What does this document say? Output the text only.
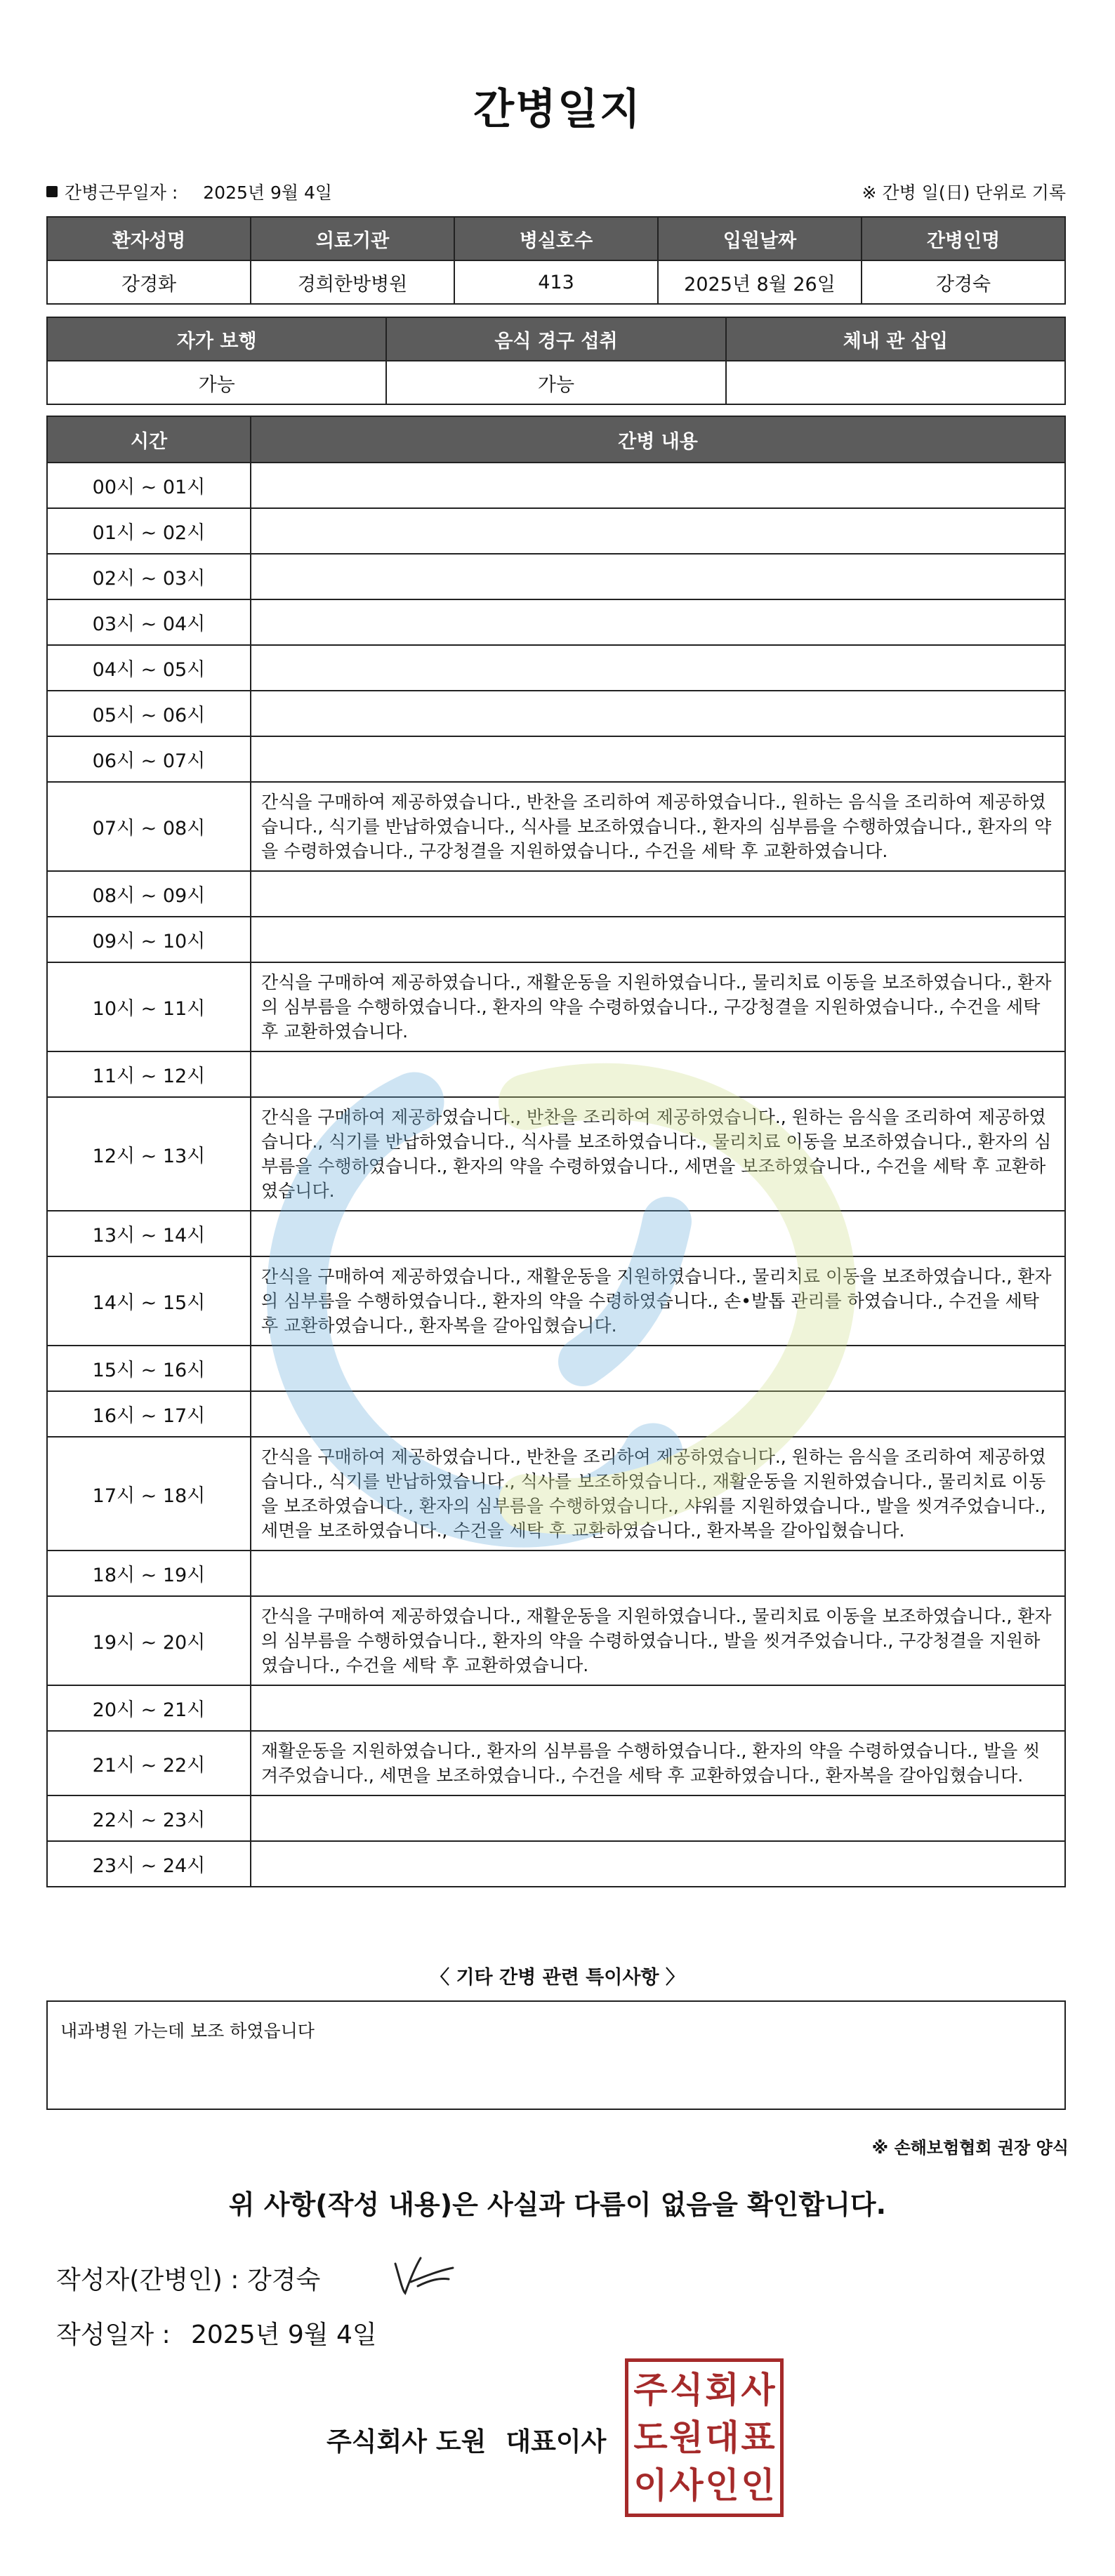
간병일지
간병근무일자 : 2025년 9월 4일	※ 간병 일(日) 단위로 기록
환자성명	의료기관	병실호수	입원날짜	간병인명
강경화	경희한방병원	413	2025년 8월 26일	강경숙
자가 보행	음식 경구 섭취	체내 관 삽입
가능	가능	
시간	간병 내용
00시 ~ 01시	
01시 ~ 02시	
02시 ~ 03시	
03시 ~ 04시	
04시 ~ 05시	
05시 ~ 06시	
06시 ~ 07시	
07시 ~ 08시	간식을 구매하여 제공하였습니다., 반찬을 조리하여 제공하였습니다., 원하는 음식을 조리하여 제공하였습니다., 식기를 반납하였습니다., 식사를 보조하였습니다., 환자의 심부름을 수행하였습니다., 환자의 약을 수령하였습니다., 구강청결을 지원하였습니다., 수건을 세탁 후 교환하였습니다.
08시 ~ 09시	
09시 ~ 10시	
10시 ~ 11시	간식을 구매하여 제공하였습니다., 재활운동을 지원하였습니다., 물리치료 이동을 보조하였습니다., 환자의 심부름을 수행하였습니다., 환자의 약을 수령하였습니다., 구강청결을 지원하였습니다., 수건을 세탁 후 교환하였습니다.
11시 ~ 12시	
12시 ~ 13시	간식을 구매하여 제공하였습니다., 반찬을 조리하여 제공하였습니다., 원하는 음식을 조리하여 제공하였습니다., 식기를 반납하였습니다., 식사를 보조하였습니다., 물리치료 이동을 보조하였습니다., 환자의 심부름을 수행하였습니다., 환자의 약을 수령하였습니다., 세면을 보조하였습니다., 수건을 세탁 후 교환하였습니다.
13시 ~ 14시	
14시 ~ 15시	간식을 구매하여 제공하였습니다., 재활운동을 지원하였습니다., 물리치료 이동을 보조하였습니다., 환자의 심부름을 수행하였습니다., 환자의 약을 수령하였습니다., 손•발톱 관리를 하였습니다., 수건을 세탁 후 교환하였습니다., 환자복을 갈아입혔습니다.
15시 ~ 16시	
16시 ~ 17시	
17시 ~ 18시	간식을 구매하여 제공하였습니다., 반찬을 조리하여 제공하였습니다., 원하는 음식을 조리하여 제공하였습니다., 식기를 반납하였습니다., 식사를 보조하였습니다., 재활운동을 지원하였습니다., 물리치료 이동을 보조하였습니다., 환자의 심부름을 수행하였습니다., 샤워를 지원하였습니다., 발을 씻겨주었습니다., 세면을 보조하였습니다., 수건을 세탁 후 교환하였습니다., 환자복을 갈아입혔습니다.
18시 ~ 19시	
19시 ~ 20시	간식을 구매하여 제공하였습니다., 재활운동을 지원하였습니다., 물리치료 이동을 보조하였습니다., 환자의 심부름을 수행하였습니다., 환자의 약을 수령하였습니다., 발을 씻겨주었습니다., 구강청결을 지원하였습니다., 수건을 세탁 후 교환하였습니다.
20시 ~ 21시	
21시 ~ 22시	재활운동을 지원하였습니다., 환자의 심부름을 수행하였습니다., 환자의 약을 수령하였습니다., 발을 씻겨주었습니다., 세면을 보조하였습니다., 수건을 세탁 후 교환하였습니다., 환자복을 갈아입혔습니다.
22시 ~ 23시	
23시 ~ 24시	
〈 기타 간병 관련 특이사항 〉
내과병원 가는데 보조 하였읍니다
※ 손해보험협회 권장 양식
위 사항(작성 내용)은 사실과 다름이 없음을 확인합니다.
작성자(간병인) : 강경숙
작성일자 : 2025년 9월 4일
주식회사 도원 대표이사
주 식 회 사
도 원 대 표
이 사 인 인
